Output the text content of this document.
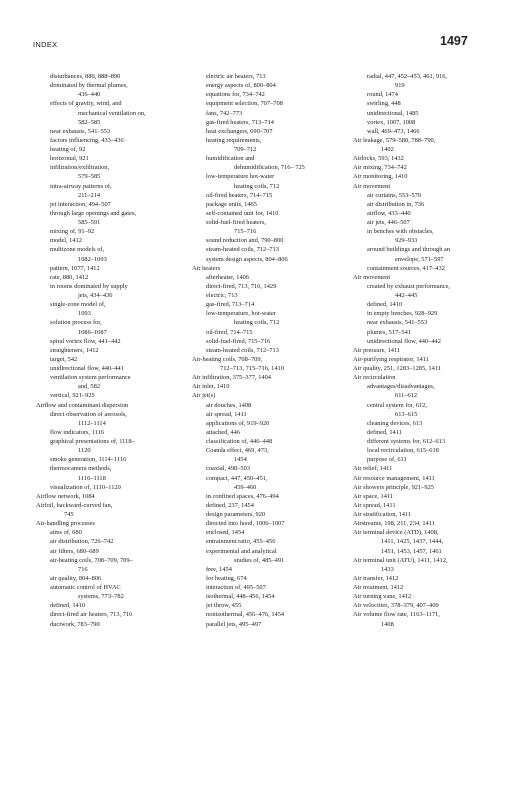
INDEX	1497
disturbances, 880, 888–890
dominated by thermal plumes,
436–440
effects of gravity, wind, and
mechanical ventilation on,
582–585
near exhausts, 541–553
factors influencing, 433–436
heating of, 92
horizontal, 921
infiltration/exfiltration,
579–585
intra-airway patterns of,
211–214
jet interaction, 494–507
through large openings and gates,
585–591
mixing of, 91–92
model, 1412
multizone models of,
1082–1093
pattern, 1077, 1412
rate, 880, 1412
in rooms dominated by supply
jets, 434–436
single-zone model of,
1093
solution process for,
1086–1087
spiral vortex flow, 441–442
straighteners, 1412
target, 542
unidirectional flow, 440–441
ventilation system performance
and, 582
vertical, 921–925
Airflow and contaminant dispersion
direct observation of aerosols,
1112–1114
flow indicators, 1116
graphical presentations of, 1118–
1120
smoke generation, 1114–1116
thermocamera methods,
1116–1118
visualization of, 1110–1120
Airflow network, 1084
Airfoil, backward-curved fan,
745
Air-handling processes
aims of, 680
air distribution, 726–742
air filters, 680–689
air-heating coils, 708–709, 709–
716
air quality, 804–806
automatic control of HVAC
systems, 773–782
defined, 1410
direct-fired air heaters, 713, 716
ductwork, 783–790
electric air heaters, 713
energy aspects of, 800–804
equations for, 734–742
equipment selection, 707–708
fans, 742–773
gas-fired heaters, 713–714
heat exchangers, 690–707
heating requirements,
709–712
humidification and
dehumidification, 716– 725
low-temperature hot-water
heating coils, 712
oil-fired heaters, 714–715
package units, 1465
self-contained unit for, 1410
solid-fuel-fired heaters,
715–716
sound reduction and, 790–800
steam-heated coils, 712–713
system design aspects, 804–806
Air heaters
afterheater, 1406
direct-fired, 713, 716, 1429
electric, 713
gas-fired, 713–714
low-temperature, hot-water
heating coils, 712
oil-fired, 714–715
solid-fuel-fired, 715–716
steam-heated coils, 712–713
Air-heating coils, 708–709,
712–713, 715–716, 1410
Air infiltration, 375–377, 1404
Air inlet, 1410
Air jet(s)
air douches, 1408
air spread, 1411
applications of, 919–920
attached, 446
classification of, 446–448
Coanda effect, 469, 473,
1454
coaxial, 498–503
compact, 447, 450–451,
459–460
in confined spaces, 476–494
defined, 237, 1454
design parameters, 920
directed into hood, 1006–1007
enclosed, 1454
entrainment ratio, 455–456
experimental and analytical
studies of, 485–491
free, 1454
for heating, 674
interaction of, 495–507
isothermal, 448–456, 1454
jet throw, 455
nonisothermal, 456–476, 1454
parallel jets, 495–497
radial, 447, 452–453, 461, 916,
919
round, 1474
swirling, 448
unidirectional, 1485
vortex, 1007, 1008
wall, 469–473, 1466
Air leakage, 579–580, 788–790,
1402
Airlocks, 593, 1432
Air mixing, 734–742
Air monitoring, 1410
Air movement
air curtains, 553–570
air distribution in, 736
airflow, 433–440
air jets, 446–507
in benches with obstacles,
929–933
around buildings and through an
envelope, 571–597
containment sources, 417–432
Air movement
created by exhaust performance,
442–445
defined, 1410
in empty benches, 928–929
near exhausts, 541–553
plumes, 517–541
unidirectional flow, 440–442
Air pressure, 1411
Air-purifying respirator, 1411
Air quality, 251, 1283–1285, 1411
Air recirculation
advantages/disadvantages,
611–612
central system for, 612,
613–615
cleaning devices, 613
defined, 1411
different systems for, 612–613
local recirculation, 615–618
purpose of, 611
Air relief, 1411
Air resource management, 1411
Air showers principle, 921–925
Air space, 1411
Air spread, 1411
Air stratification, 1411
Airstreams, 198, 211, 234, 1411
Air terminal device (ATD), 1408,
1411, 1425, 1437, 1444,
1451, 1453, 1457, 1461
Air terminal unit (ATU), 1411, 1412,
1433
Air transfer, 1412
Air treatment, 1412
Air turning vane, 1412
Air velocities, 378–379, 407–409
Air volume flow rate, 1163–1171,
1408
